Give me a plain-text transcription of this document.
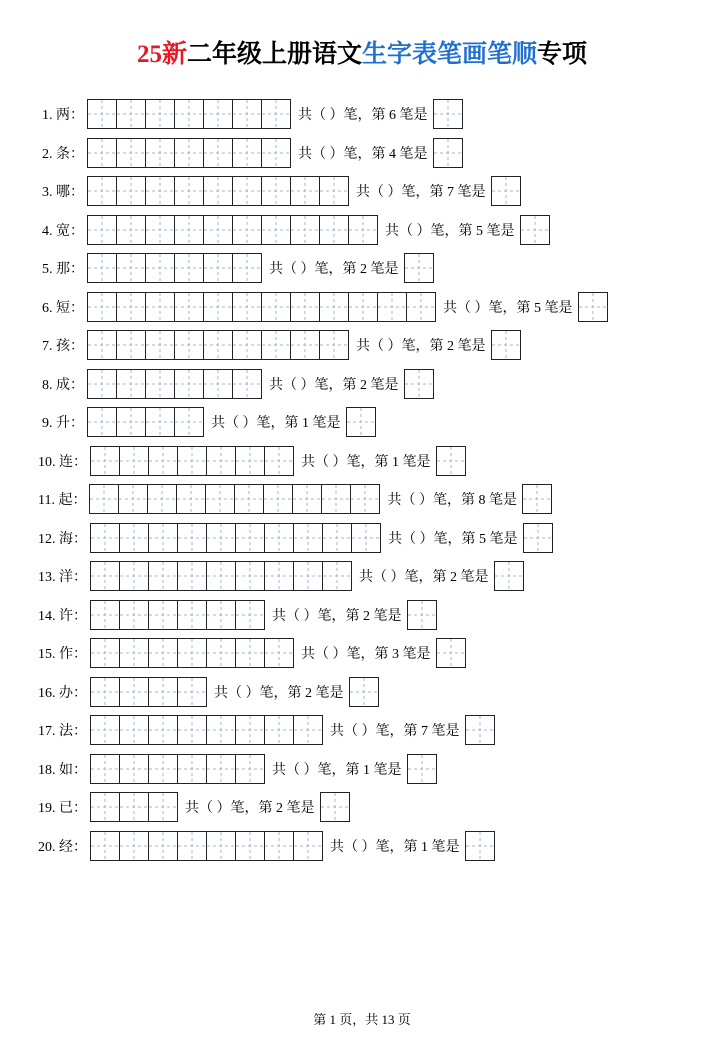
25新二年级上册语文生字表笔画笔顺专项
1. 两：	共（ ）笔，第 6 笔是
2. 条：	共（ ）笔，第 4 笔是
3. 哪：	共（ ）笔，第 7 笔是
4. 宽：	共（ ）笔，第 5 笔是
5. 那：	共（ ）笔，第 2 笔是
6. 短：	共（ ）笔，第 5 笔是
7. 孩：	共（ ）笔，第 2 笔是
8. 成：	共（ ）笔，第 2 笔是
9. 升：	共（ ）笔，第 1 笔是
10. 连：	共（ ）笔，第 1 笔是
11. 起：	共（ ）笔，第 8 笔是
12. 海：	共（ ）笔，第 5 笔是
13. 洋：	共（ ）笔，第 2 笔是
14. 许：	共（ ）笔，第 2 笔是
15. 作：	共（ ）笔，第 3 笔是
16. 办：	共（ ）笔，第 2 笔是
17. 法：	共（ ）笔，第 7 笔是
18. 如：	共（ ）笔，第 1 笔是
19. 已：	共（ ）笔，第 2 笔是
20. 经：	共（ ）笔，第 1 笔是
第 1 页，共 13 页
